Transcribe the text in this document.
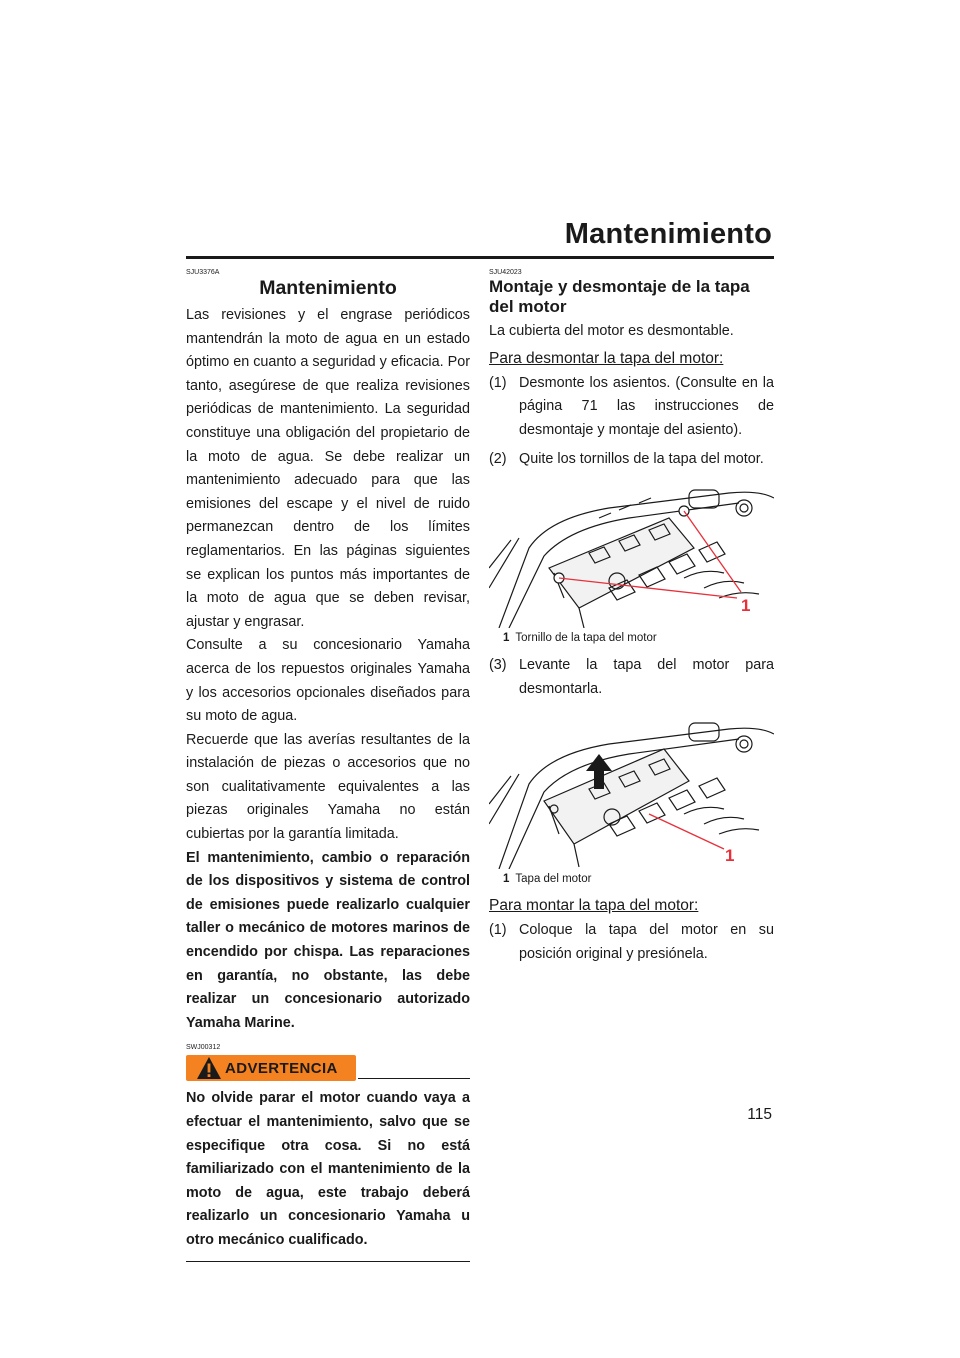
Mantenimiento
SJU3376A
Mantenimiento

Las revisiones y el engrase periódicos mantendrán la moto de agua en un estado óptimo en cuanto a seguridad y eficacia. Por tanto, asegúrese de que realiza revisiones periódicas de mantenimiento. La seguridad constituye una obligación del propietario de la moto de agua. Se debe realizar un mantenimiento adecuado para que las emisiones del escape y el nivel de ruido permanezcan dentro de los límites reglamentarios. En las páginas siguientes se explican los puntos más importantes de la moto de agua que se deben revisar, ajustar y engrasar.

Consulte a su concesionario Yamaha acerca de los repuestos originales Yamaha y los accesorios opcionales diseñados para su moto de agua.

Recuerde que las averías resultantes de la instalación de piezas o accesorios que no son cualitativamente equivalentes a las piezas originales Yamaha no están cubiertas por la garantía limitada.

El mantenimiento, cambio o reparación de los dispositivos y sistema de control de emisiones puede realizarlo cualquier taller o mecánico de motores marinos de encendido por chispa. Las reparaciones en garantía, no obstante, las debe realizar un concesionario autorizado Yamaha Marine.

SWJ00312
ADVERTENCIA

No olvide parar el motor cuando vaya a efectuar el mantenimiento, salvo que se especifique otra cosa. Si no está familiarizado con el mantenimiento de la moto de agua, este trabajo deberá realizarlo un concesionario Yamaha u otro mecánico cualificado.

SJU42023

Montaje y desmontaje de la tapa del motor

La cubierta del motor es desmontable.

Para desmontar la tapa del motor:
(1) Desmonte los asientos. (Consulte en la página 71 las instrucciones de desmontaje y montaje del asiento).
(2) Quite los tornillos de la tapa del motor.
1
1 Tornillo de la tapa del motor
(3) Levante la tapa del motor para desmontarla.
1
1 Tapa del motor
Para montar la tapa del motor:
(1) Coloque la tapa del motor en su posición original y presiónela.
115
